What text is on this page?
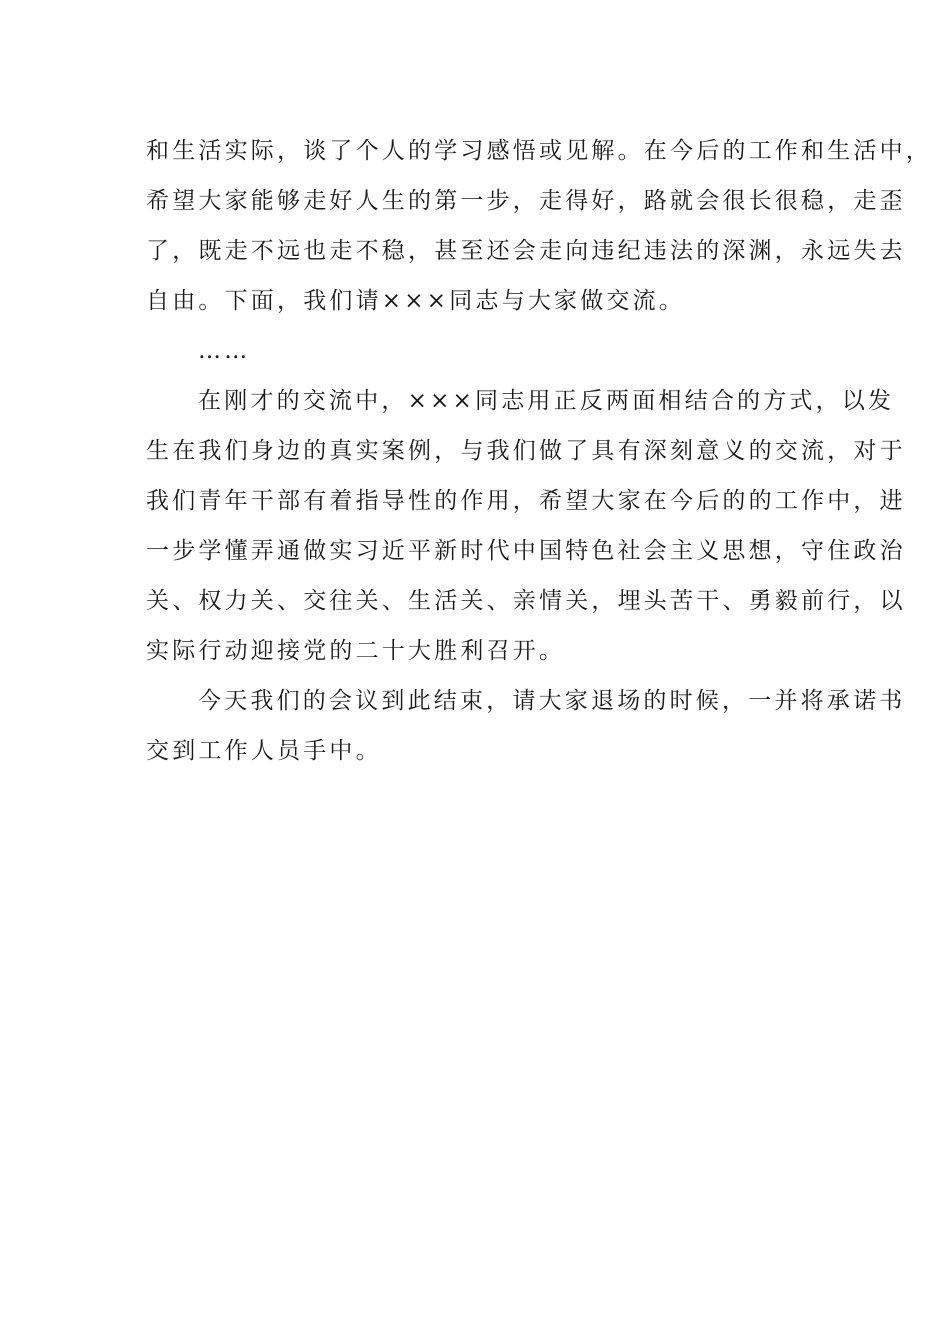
和生活实际，谈了个人的学习感悟或见解。在今后的工作和生活中，
希望大家能够走好人生的第一步，走得好，路就会很长很稳，走歪
了，既走不远也走不稳，甚至还会走向违纪违法的深渊，永远失去
自由。下面，我们请×××同志与大家做交流。
……
在刚才的交流中，×××同志用正反两面相结合的方式，以发
生在我们身边的真实案例，与我们做了具有深刻意义的交流，对于
我们青年干部有着指导性的作用，希望大家在今后的的工作中，进
一步学懂弄通做实习近平新时代中国特色社会主义思想，守住政治
关、权力关、交往关、生活关、亲情关，埋头苦干、勇毅前行，以
实际行动迎接党的二十大胜利召开。
今天我们的会议到此结束，请大家退场的时候，一并将承诺书
交到工作人员手中。
